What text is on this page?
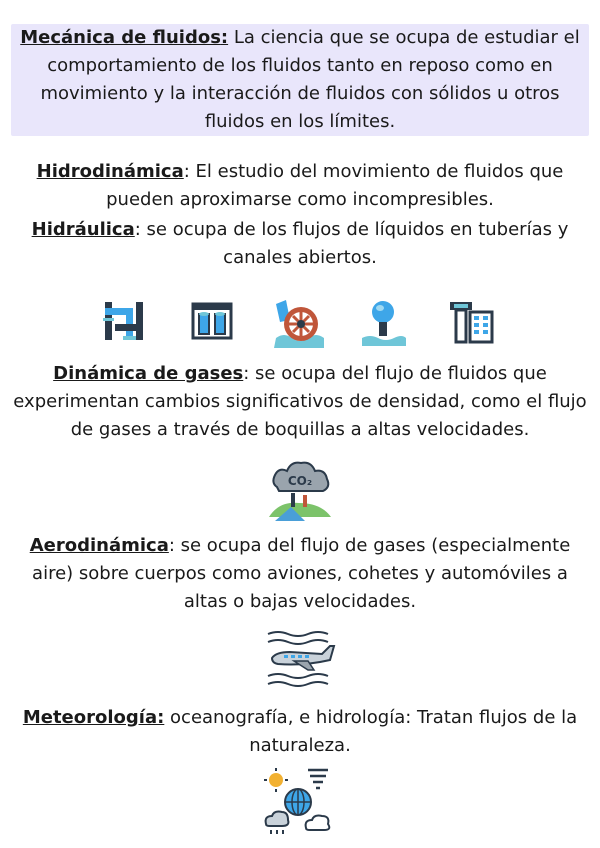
Mecánica de fluidos: La ciencia que se ocupa de estudiar el comportamiento de los fluidos tanto en reposo como en movimiento y la interacción de fluidos con sólidos u otros fluidos en los límites.

Hidrodinámica: El estudio del movimiento de fluidos que pueden aproximarse como incompresibles.

Hidráulica: se ocupa de los flujos de líquidos en tuberías y canales abiertos.

Dinámica de gases: se ocupa del flujo de fluidos que experimentan cambios significativos de densidad, como el flujo de gases a través de boquillas a altas velocidades.

CO₂

Aerodinámica: se ocupa del flujo de gases (especialmente aire) sobre cuerpos como aviones, cohetes y automóviles a altas o bajas velocidades.

Meteorología: oceanografía, e hidrología: Tratan flujos de la naturaleza.
